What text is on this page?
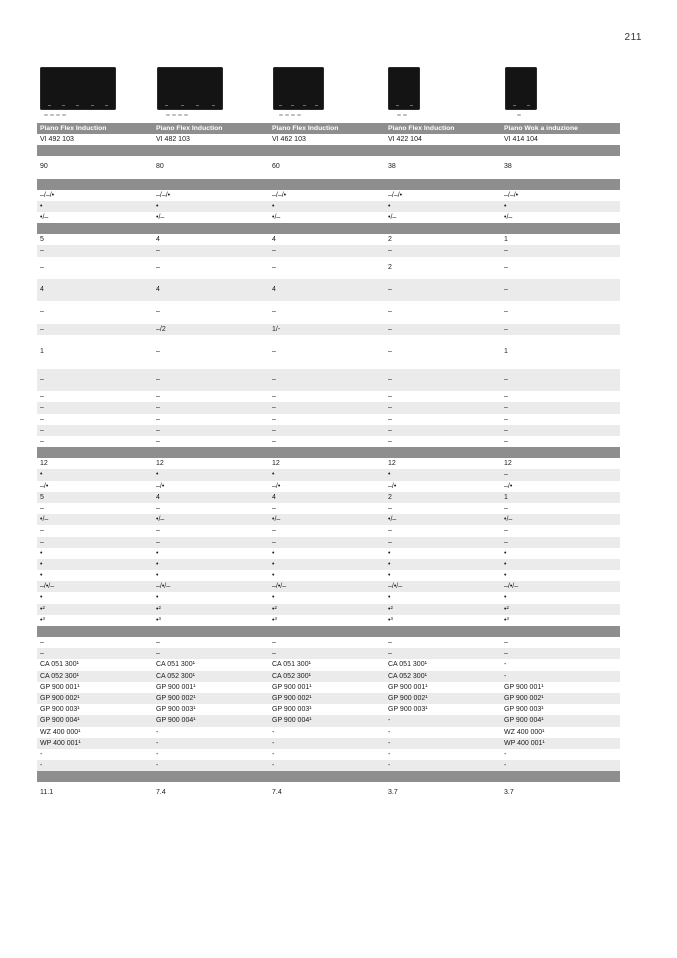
211
Piano Flex Induction	Piano Flex Induction	Piano Flex Induction	Piano Flex Induction	Piano Wok a induzione
VI 492 103	VI 482 103	VI 462 103	VI 422 104	VI 414 104
90	80	60	38	38
–/–/•	–/–/•	–/–/•	–/–/•	–/–/•
•	•	•	•	•
•/–	•/–	•/–	•/–	•/–
5	4	4	2	1
–	–	–	–	–
–	–	–	2	–
4	4	4	–	–
–	–	–	–	–
–	–/2	1/-	–	–
1	–	–	–	1
–	–	–	–	–
–	–	–	–	–
–	–	–	–	–
–	–	–	–	–
–	–	–	–	–
–	–	–	–	–
12	12	12	12	12
•	•	•	•	–
–/•	–/•	–/•	–/•	–/•
5	4	4	2	1
–	–	–	–	–
•/–	•/–	•/–	•/–	•/–
–	–	–	–	–
–	–	–	–	–
•	•	•	•	•
•	•	•	•	•
•	•	•	•	•
–/•/–	–/•/–	–/•/–	–/•/–	–/•/–
•	•	•	•	•
•²	•²	•²	•²	•²
•³	•³	•³	•³	•³
–	–	–	–	–
–	–	–	–	–
CA 051 300¹	CA 051 300¹	CA 051 300¹	CA 051 300¹	-
CA 052 300¹	CA 052 300¹	CA 052 300¹	CA 052 300¹	-
GP 900 001¹	GP 900 001¹	GP 900 001¹	GP 900 001¹	GP 900 001¹
GP 900 002¹	GP 900 002¹	GP 900 002¹	GP 900 002¹	GP 900 002¹
GP 900 003¹	GP 900 003¹	GP 900 003¹	GP 900 003¹	GP 900 003¹
GP 900 004¹	GP 900 004¹	GP 900 004¹	-	GP 900 004¹
WZ 400 000¹	-	-	-	WZ 400 000¹
WP 400 001¹	-	-	-	WP 400 001¹
-	-	-	-	-
-	-	-	-	-
11.1	7.4	7.4	3.7	3.7
